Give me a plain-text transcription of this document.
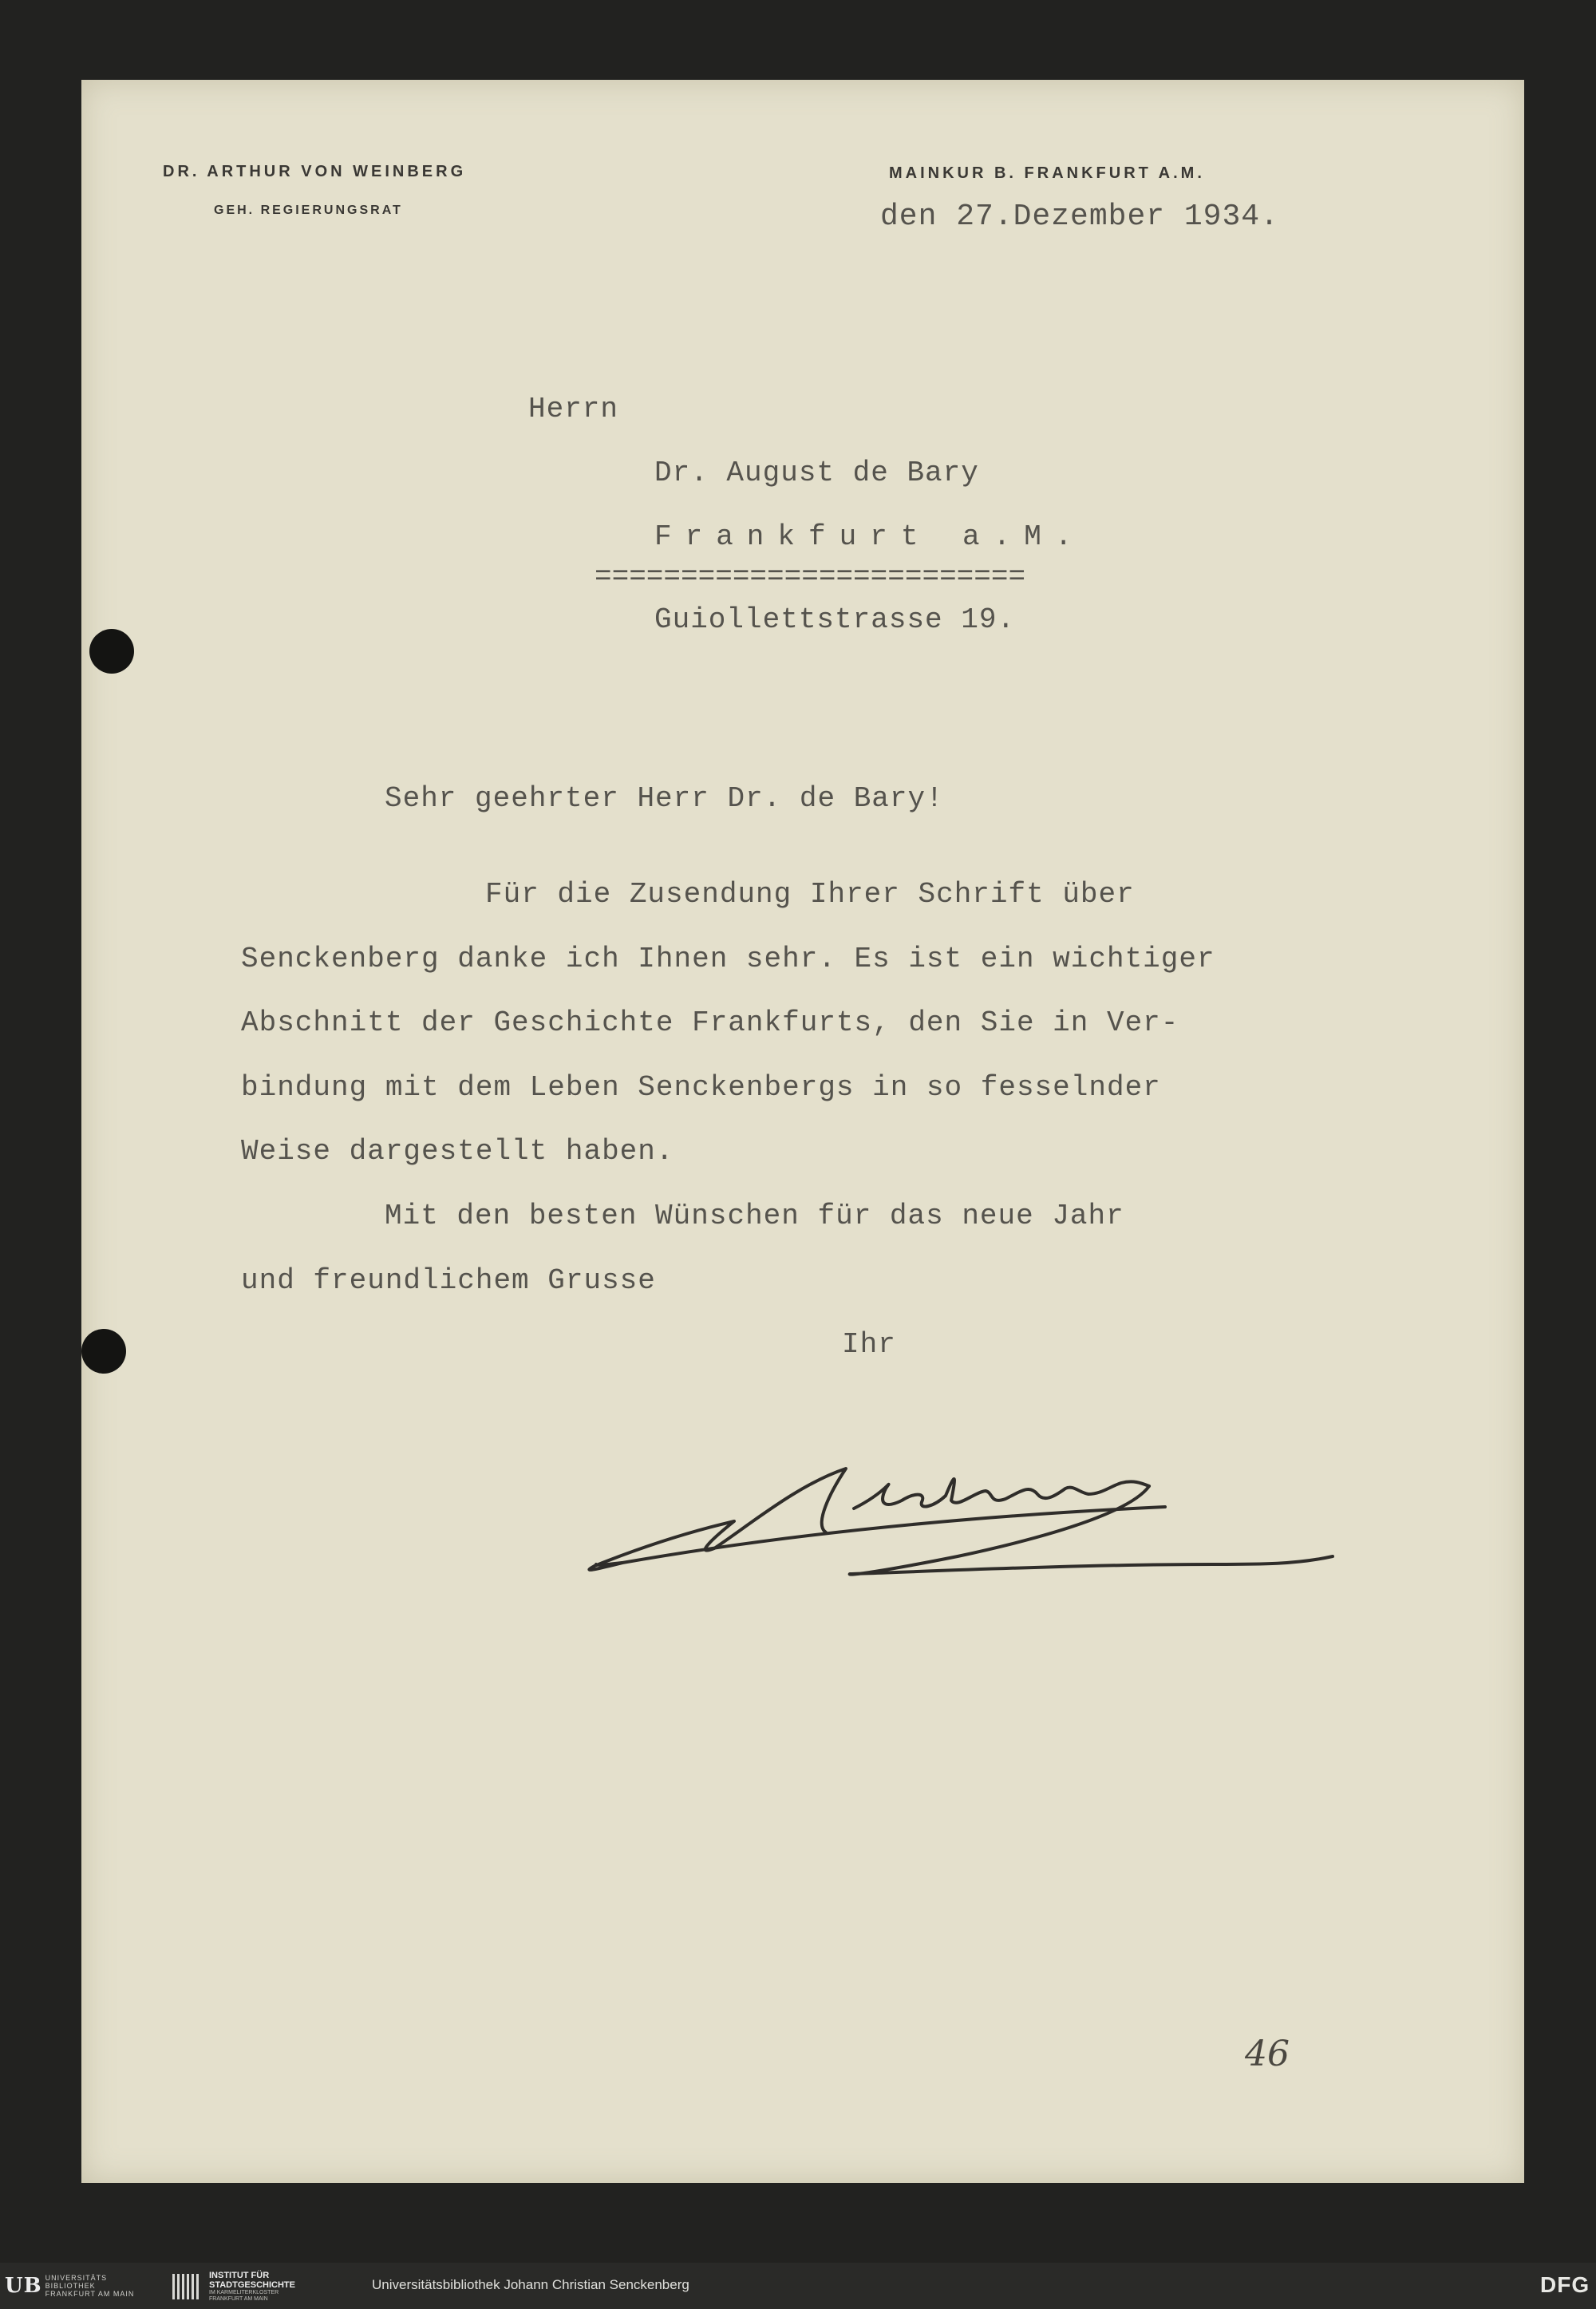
DR. ARTHUR VON WEINBERG
GEH. REGIERUNGSRAT
MAINKUR B. FRANKFURT A.M.
den 27.Dezember 1934.
Herrn
Dr. August de Bary
Frankfurt a.M.
=========================
Guiollettstrasse 19.
Sehr geehrter Herr Dr. de Bary!
Für die Zusendung Ihrer Schrift über
Senckenberg danke ich Ihnen sehr. Es ist ein wichtiger
Abschnitt der Geschichte Frankfurts, den Sie in Ver-
bindung mit dem Leben Senckenbergs in so fesselnder
Weise dargestellt haben.
Mit den besten Wünschen für das neue Jahr
und freundlichem Grusse
Ihr
46
UB UNIVERSITÄTS
BIBLIOTHEK
FRANKFURT AM MAIN
INSTITUT FÜR
STADTGESCHICHTE
IM KARMELITERKLOSTER
FRANKFURT AM MAIN
Universitätsbibliothek Johann Christian Senckenberg	DFG
